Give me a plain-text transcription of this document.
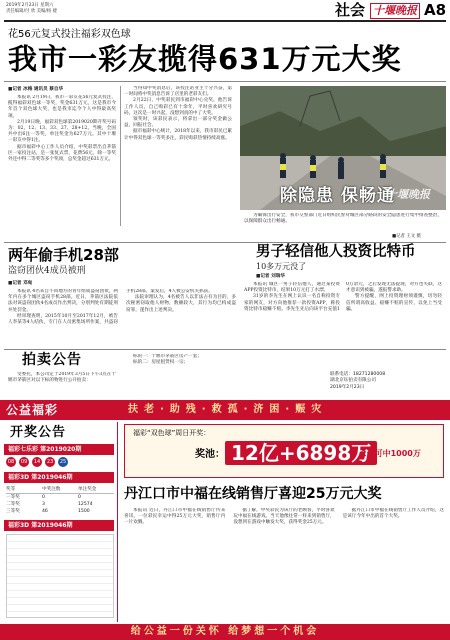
2019年2月23日 星期六
责任编辑/付 欣 美编/杨 婕	社会 十堰晚报 A8
花56元复式投注福彩双色球
我市一彩友揽得631万元大奖
■记者 冰梅 通讯员 蔡自华

本报讯 2月19日，我市一彩友花56元复式投注，揽得福彩双色球一等奖，奖金631万元，这是我市今年首个双色球大奖，也是我市迄今个人中得最高奖项。

2月19日晚，福彩双色球第2019020期开奖号码为：02、12、13、33、27、28+12。当晚，全国共中出6注一等奖，单注奖金为627万元。其中十堰一彩友中得1注。

据市福彩中心工作人员介绍，中奖彩票出自茅箭区一家投注站，是一张复式票，花费56元，除一等奖外还中得二等奖等多个奖项，总奖金超过631万元。

当得知中奖消息后，该投注站业主十分兴奋，第一时间将中奖消息告诉了店里的老彩友们。

2月22日，中奖彩民到市福彩中心兑奖。他告诉工作人员，自己购彩已有十余年，平时喜欢研究号码，这次是一时兴起，没想到真的中了大奖。

领奖时，该彩民表示，将拿出一部分奖金做公益，回报社会。

据市福彩中心统计，2018年以来，我市彩民已累计中得双色球一等奖多注，彩民购彩热情持续高涨。

除隐患 保畅通
十堰晚报

为确保出行安全，我市交警部门近日组织民警对城区部分路段的安全隐患进行集中排查整治，以保障群众出行畅通。

■记者 王文 摄
两年偷手机28部
盗窃团伙4成员被刑
■记者 邓甸

本报讯 4名来自不同地方的青年组成盗窃团伙，两年内在多个城区盗窃手机28部。近日，茅箭区法院依法对该盗窃团伙4名成员作出判决，分别判处有期徒刑并处罚金。

经审理查明，2015年10月至2017年12月，被告人李某等4人结伙，专门在人员密集场所作案，共盗窃手机28部。案发后，4人被公安机关抓获。

法院审理认为，4名被告人以非法占有为目的，多次秘密窃取他人财物，数额较大，其行为均已构成盗窃罪，遂作出上述判决。

男子轻信他人投资比特币
10多万元没了
■记者 刘瑞华

本报讯 城区一男子轻信他人，通过某投资APP投资比特币，结果10万元打了水漂。

31岁的李先生在网上认识一名自称投资专家的网友，对方向他推荐一款投资APP，称投资比特币稳赚不赔。李先生先后向该平台充值10万余元，之后发现无法提现，对方也失联，这才意识到被骗，遂报警求助。

警方提醒，网上投资理财须谨慎，切勿轻信所谓高收益、稳赚不赔的宣传，以免上当受骗。

拍卖公告

受委托，本公司定于2019年3月5日下午3点在十堰市茅箭区对以下标的物进行公开拍卖：

标的一：十堰市茅箭区房产一套；

标的二：房屋租赁权一宗；

联系电话：18271280008
湖北京钰拍卖有限公司
2019年2月23日
公益福彩	扶老·助残·救孤·济困·赈灾
开奖公告
福彩七乐彩 第2019020期
08	09	14	23	25
福彩3D 第2019046期
奖等	中奖注数	单注奖金
一等奖	0	0
二等奖	3	12574
三等奖	46	1500
福彩3D 第2019046期
福彩“双色球”周日开奖：
奖池： 12亿+6898万
2元可中1000万
丹江口市中福在线销售厅喜迎25万元大奖

本报讯 近日，丹江口市中福在线销售厅传来喜讯，一位彩民幸运中得25万元大奖，销售厅内一片欢腾。

据了解，中奖彩民为该厅的老顾客，平时喜欢玩中福在线游戏。当天他像往常一样来到销售厅，没想到在游戏中触发大奖，获得奖金25万元。

据丹江口市中福在线销售厅工作人员介绍，这是该厅今年中出的首个大奖。

给公益一份关怀 给梦想一个机会
